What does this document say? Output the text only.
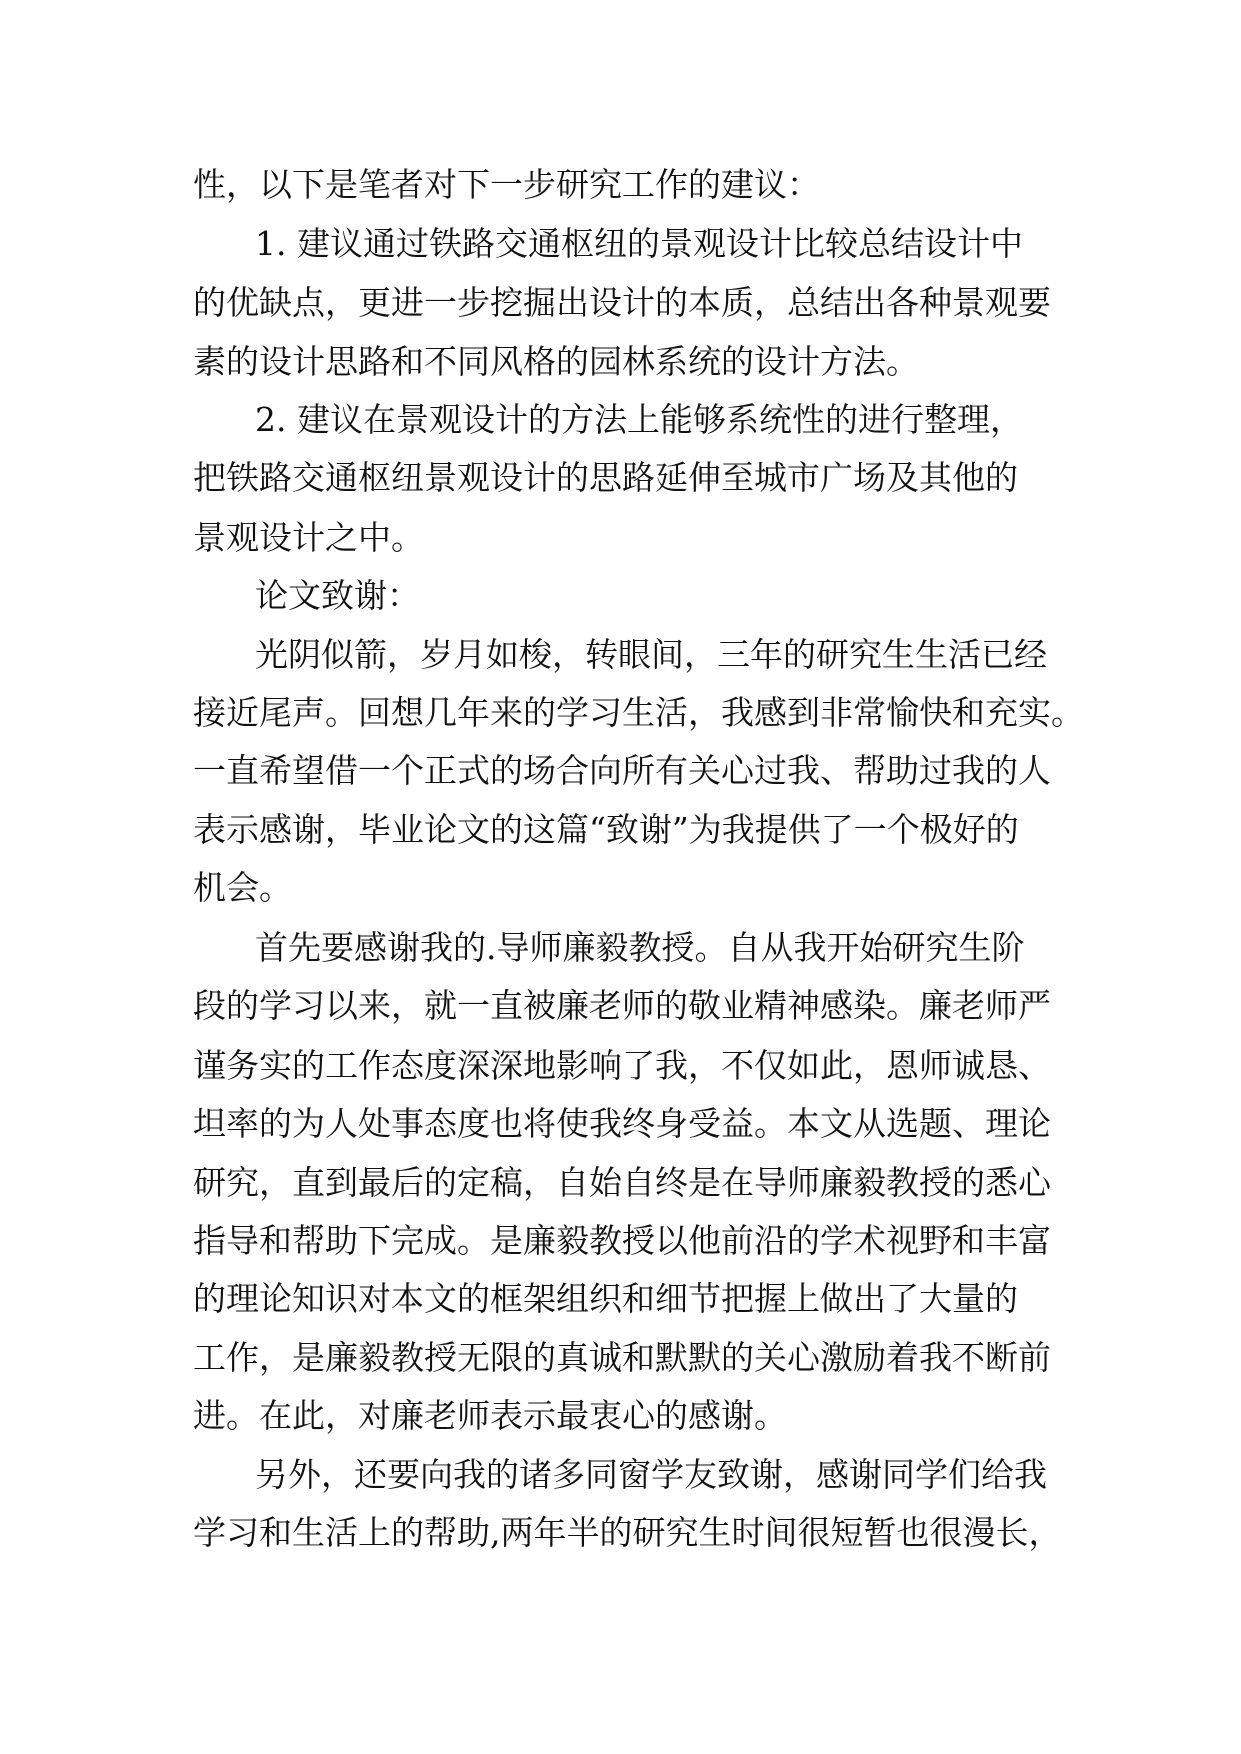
性，以下是笔者对下一步研究工作的建议：
1. 建议通过铁路交通枢纽的景观设计比较总结设计中
的优缺点，更进一步挖掘出设计的本质，总结出各种景观要
素的设计思路和不同风格的园林系统的设计方法。
2. 建议在景观设计的方法上能够系统性的进行整理，
把铁路交通枢纽景观设计的思路延伸至城市广场及其他的
景观设计之中。
论文致谢：
光阴似箭，岁月如梭，转眼间，三年的研究生生活已经
接近尾声。回想几年来的学习生活，我感到非常愉快和充实。
一直希望借一个正式的场合向所有关心过我、帮助过我的人
表示感谢，毕业论文的这篇“致谢”为我提供了一个极好的
机会。
首先要感谢我的.导师廉毅教授。自从我开始研究生阶
段的学习以来，就一直被廉老师的敬业精神感染。廉老师严
谨务实的工作态度深深地影响了我，不仅如此，恩师诚恳、
坦率的为人处事态度也将使我终身受益。本文从选题、理论
研究，直到最后的定稿，自始自终是在导师廉毅教授的悉心
指导和帮助下完成。是廉毅教授以他前沿的学术视野和丰富
的理论知识对本文的框架组织和细节把握上做出了大量的
工作，是廉毅教授无限的真诚和默默的关心激励着我不断前
进。在此，对廉老师表示最衷心的感谢。
另外，还要向我的诸多同窗学友致谢，感谢同学们给我
学习和生活上的帮助,两年半的研究生时间很短暂也很漫长，
